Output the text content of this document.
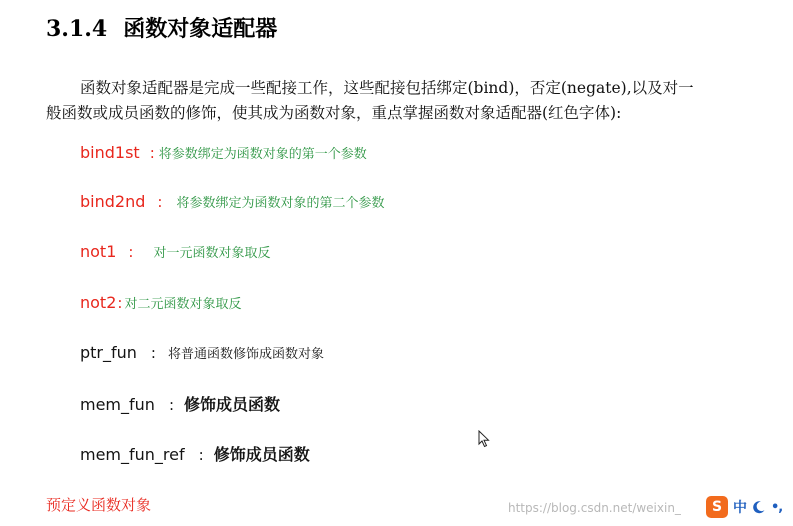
3.1.4 函数对象适配器

函数对象适配器是完成一些配接工作，这些配接包括绑定(bind)，否定(negate),以及对一
般函数或成员函数的修饰，使其成为函数对象，重点掌握函数对象适配器(红色字体):

bind1st : 将参数绑定为函数对象的第一个参数
bind2nd : 将参数绑定为函数对象的第二个参数
not1 : 对一元函数对象取反
not2: 对二元函数对象取反
ptr_fun : 将普通函数修饰成函数对象
mem_fun : 修饰成员函数
mem_fun_ref : 修饰成员函数
预定义函数对象	https://blog.csdn.net/weixin_	S 中 •,
